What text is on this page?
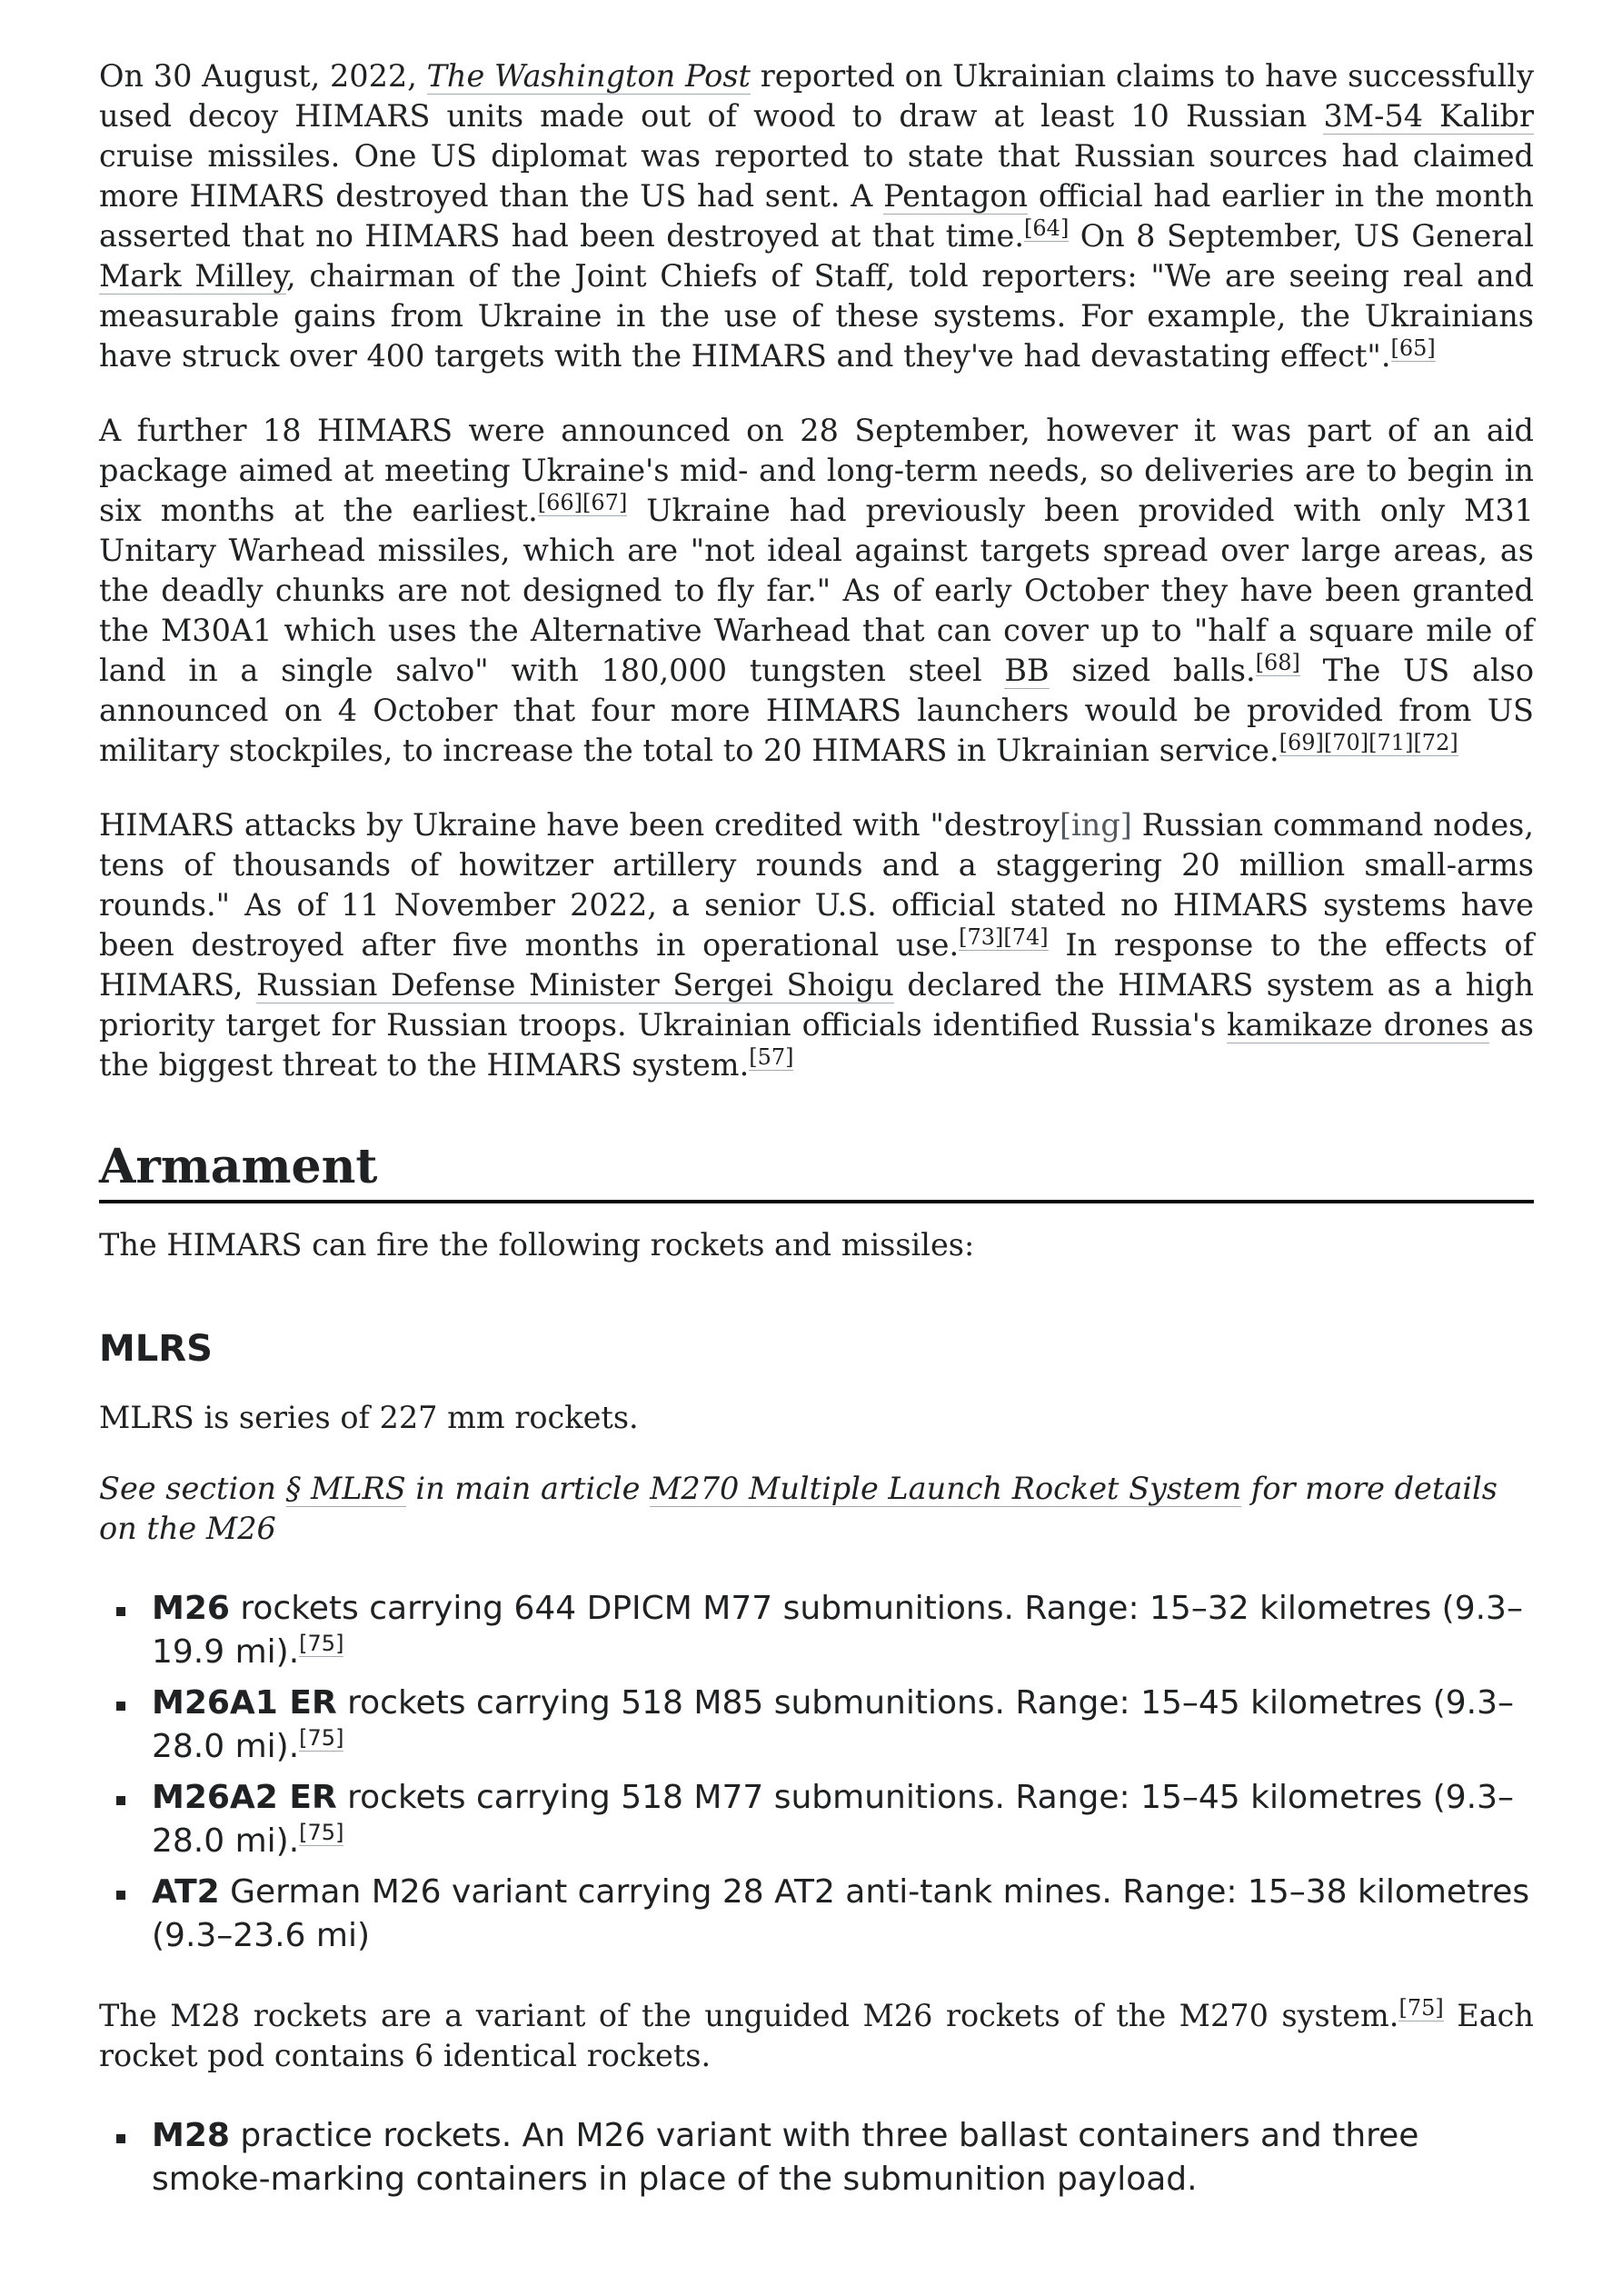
On 30 August, 2022, The Washington Post reported on Ukrainian claims to have successfully used decoy HIMARS units made out of wood to draw at least 10 Russian 3M-54 Kalibr cruise missiles. One US diplomat was reported to state that Russian sources had claimed more HIMARS destroyed than the US had sent. A Pentagon official had earlier in the month asserted that no HIMARS had been destroyed at that time.[64] On 8 September, US General Mark Milley, chairman of the Joint Chiefs of Staff, told reporters: "We are seeing real and measurable gains from Ukraine in the use of these systems. For example, the Ukrainians have struck over 400 targets with the HIMARS and they've had devastating effect".[65]

A further 18 HIMARS were announced on 28 September, however it was part of an aid package aimed at meeting Ukraine's mid- and long-term needs, so deliveries are to begin in six months at the earliest.[66][67] Ukraine had previously been provided with only M31 Unitary Warhead missiles, which are "not ideal against targets spread over large areas, as the deadly chunks are not designed to fly far." As of early October they have been granted the M30A1 which uses the Alternative Warhead that can cover up to "half a square mile of land in a single salvo" with 180,000 tungsten steel BB sized balls.[68] The US also announced on 4 October that four more HIMARS launchers would be provided from US military stockpiles, to increase the total to 20 HIMARS in Ukrainian service.[69][70][71][72]

HIMARS attacks by Ukraine have been credited with "destroy[ing] Russian command nodes, tens of thousands of howitzer artillery rounds and a staggering 20 million small-arms rounds." As of 11 November 2022, a senior U.S. official stated no HIMARS systems have been destroyed after five months in operational use.[73][74] In response to the effects of HIMARS, Russian Defense Minister Sergei Shoigu declared the HIMARS system as a high priority target for Russian troops. Ukrainian officials identified Russia's kamikaze drones as the biggest threat to the HIMARS system.[57]

Armament

The HIMARS can fire the following rockets and missiles:

MLRS

MLRS is series of 227 mm rockets.

See section § MLRS in main article M270 Multiple Launch Rocket System for more details on the M26
M26 rockets carrying 644 DPICM M77 submunitions. Range: 15–32 kilometres (9.3–19.9 mi).[75]
M26A1 ER rockets carrying 518 M85 submunitions. Range: 15–45 kilometres (9.3–28.0 mi).[75]
M26A2 ER rockets carrying 518 M77 submunitions. Range: 15–45 kilometres (9.3–28.0 mi).[75]
AT2 German M26 variant carrying 28 AT2 anti-tank mines. Range: 15–38 kilometres (9.3–23.6 mi)

The M28 rockets are a variant of the unguided M26 rockets of the M270 system.[75] Each rocket pod contains 6 identical rockets.

M28 practice rockets. An M26 variant with three ballast containers and three smoke-marking containers in place of the submunition payload.
